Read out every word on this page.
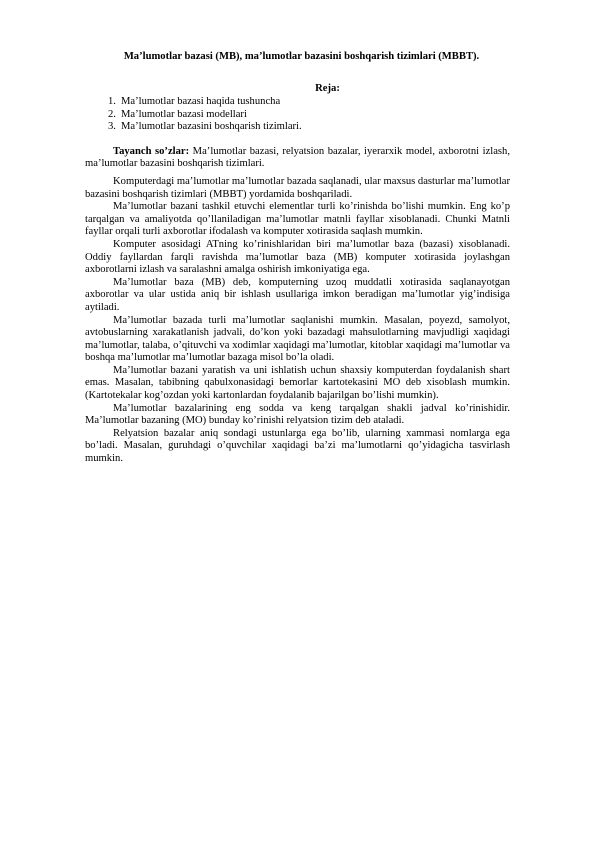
Ma’lumotlar bazasi (MB), ma’lumotlar bazasini boshqarish tizimlari (MBBT).

Reja:

1. Ma’lumotlar bazasi haqida tushuncha
2. Ma’lumotlar bazasi modellari
3. Ma’lumotlar bazasini boshqarish tizimlari.

Tayanch so’zlar: Ma’lumotlar bazasi, relyatsion bazalar, iyerarxik model, axborotni izlash, ma’lumotlar bazasini boshqarish tizimlari.

Komputerdagi ma’lumotlar ma’lumotlar bazada saqlanadi, ular maxsus dasturlar ma’lumotlar bazasini boshqarish tizimlari (MBBT) yordamida boshqariladi.

Ma’lumotlar bazani tashkil etuvchi elementlar turli ko’rinishda bo’lishi mumkin. Eng ko’p tarqalgan va amaliyotda qo’llaniladigan ma’lumotlar matnli fayllar xisoblanadi. Chunki Matnli fayllar orqali turli axborotlar ifodalash va komputer xotirasida saqlash mumkin.

Komputer asosidagi ATning ko’rinishlaridan biri ma’lumotlar baza (bazasi) xisoblanadi. Oddiy fayllardan farqli ravishda ma’lumotlar baza (MB) komputer xotirasida joylashgan axborotlarni izlash va saralashni amalga oshirish imkoniyatiga ega.

Ma’lumotlar baza (MB) deb, komputerning uzoq muddatli xotirasida saqlanayotgan axborotlar va ular ustida aniq bir ishlash usullariga imkon beradigan ma’lumotlar yig’indisiga aytiladi.

Ma’lumotlar bazada turli ma’lumotlar saqlanishi mumkin. Masalan, poyezd, samolyot, avtobuslarning xarakatlanish jadvali, do’kon yoki bazadagi mahsulotlarning mavjudligi xaqidagi ma’lumotlar, talaba, o’qituvchi va xodimlar xaqidagi ma’lumotlar, kitoblar xaqidagi ma’lumotlar va boshqa ma’lumotlar ma’lumotlar bazaga misol bo’la oladi.

Ma’lumotlar bazani yaratish va uni ishlatish uchun shaxsiy komputerdan foydalanish shart emas. Masalan, tabibning qabulxonasidagi bemorlar kartotekasini MO deb xisoblash mumkin. (Kartotekalar kog’ozdan yoki kartonlardan foydalanib bajarilgan bo’lishi mumkin).

Ma’lumotlar bazalarining eng sodda va keng tarqalgan shakli jadval ko’rinishidir. Ma’lumotlar bazaning (MO) bunday ko’rinishi relyatsion tizim deb ataladi.

Relyatsion bazalar aniq sondagi ustunlarga ega bo’lib, ularning xammasi nomlarga ega bo’ladi. Masalan, guruhdagi o’quvchilar xaqidagi ba’zi ma’lumotlarni qo’yidagicha tasvirlash mumkin.
